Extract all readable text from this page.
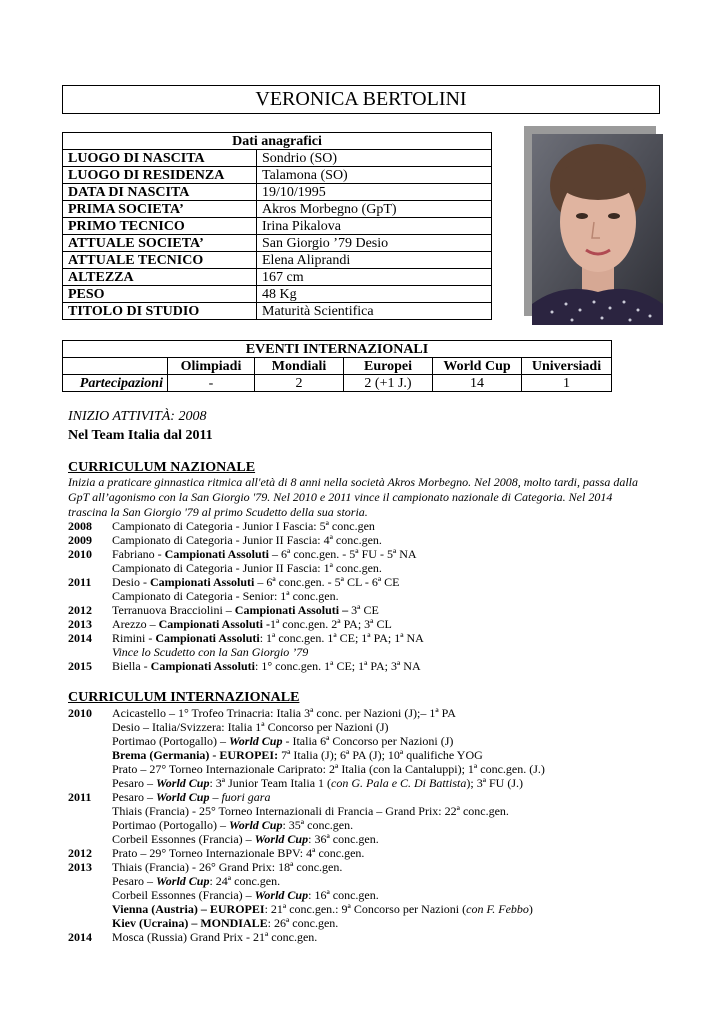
VERONICA BERTOLINI
Dati anagrafici	
LUOGO DI NASCITA	Sondrio (SO)
LUOGO DI RESIDENZA	Talamona (SO)
DATA DI NASCITA	19/10/1995
PRIMA SOCIETA’	Akros Morbegno (GpT)
PRIMO TECNICO	Irina Pikalova
ATTUALE SOCIETA’	San Giorgio ’79 Desio
ATTUALE TECNICO	Elena Aliprandi
ALTEZZA	167 cm
PESO	48 Kg
TITOLO DI STUDIO	Maturità Scientifica
EVENTI INTERNAZIONALI					
	Olimpiadi	Mondiali	Europei	World Cup	Universiadi
Partecipazioni	-	2	2 (+1 J.)	14	1
INIZIO ATTIVITÀ: 2008
Nel Team Italia dal 2011
CURRICULUM NAZIONALE
Inizia a praticare ginnastica ritmica all'età di 8 anni nella società Akros Morbegno. Nel 2008, molto tardi, passa dalla
GpT all’agonismo con la San Giorgio '79. Nel 2010 e 2011 vince il campionato nazionale di Categoria. Nel 2014
trascina la San Giorgio '79 al primo Scudetto della sua storia.
2008 Campionato di Categoria - Junior I Fascia: 5ª conc.gen
2009 Campionato di Categoria - Junior II Fascia: 4ª conc.gen.
2010 Fabriano - Campionati Assoluti – 6ª conc.gen. - 5ª FU - 5ª NA
Campionato di Categoria - Junior II Fascia: 1ª conc.gen.
2011 Desio - Campionati Assoluti – 6ª conc.gen. - 5ª CL - 6ª CE
Campionato di Categoria - Senior: 1ª conc.gen.
2012 Terranuova Bracciolini – Campionati Assoluti – 3ª CE
2013 Arezzo – Campionati Assoluti -1ª conc.gen. 2ª PA; 3ª CL
2014 Rimini - Campionati Assoluti: 1ª conc.gen. 1ª CE; 1ª PA; 1ª NA
Vince lo Scudetto con la San Giorgio ’79
2015 Biella - Campionati Assoluti: 1° conc.gen. 1ª CE; 1ª PA; 3ª NA
CURRICULUM INTERNAZIONALE
2010 Acicastello – 1° Trofeo Trinacria: Italia 3ª conc. per Nazioni (J);– 1ª PA
Desio – Italia/Svizzera: Italia 1ª Concorso per Nazioni (J)
Portimao (Portogallo) – World Cup - Italia 6ª Concorso per Nazioni (J)
Brema (Germania) - EUROPEI: 7ª Italia (J); 6ª PA (J); 10ª qualifiche YOG
Prato – 27° Torneo Internazionale Cariprato: 2ª Italia (con la Cantaluppi); 1ª conc.gen. (J.)
Pesaro – World Cup: 3ª Junior Team Italia 1 (con G. Pala e C. Di Battista); 3ª FU (J.)
2011 Pesaro – World Cup – fuori gara
Thiais (Francia) - 25° Torneo Internazionali di Francia – Grand Prix: 22ª conc.gen.
Portimao (Portogallo) – World Cup: 35ª conc.gen.
Corbeil Essonnes (Francia) – World Cup: 36ª conc.gen.
2012 Prato – 29° Torneo Internazionale BPV: 4ª conc.gen.
2013 Thiais (Francia) - 26° Grand Prix: 18ª conc.gen.
Pesaro – World Cup: 24ª conc.gen.
Corbeil Essonnes (Francia) – World Cup: 16ª conc.gen.
Vienna (Austria) – EUROPEI: 21ª conc.gen.: 9ª Concorso per Nazioni (con F. Febbo)
Kiev (Ucraina) – MONDIALE: 26ª conc.gen.
2014 Mosca (Russia) Grand Prix - 21ª conc.gen.
